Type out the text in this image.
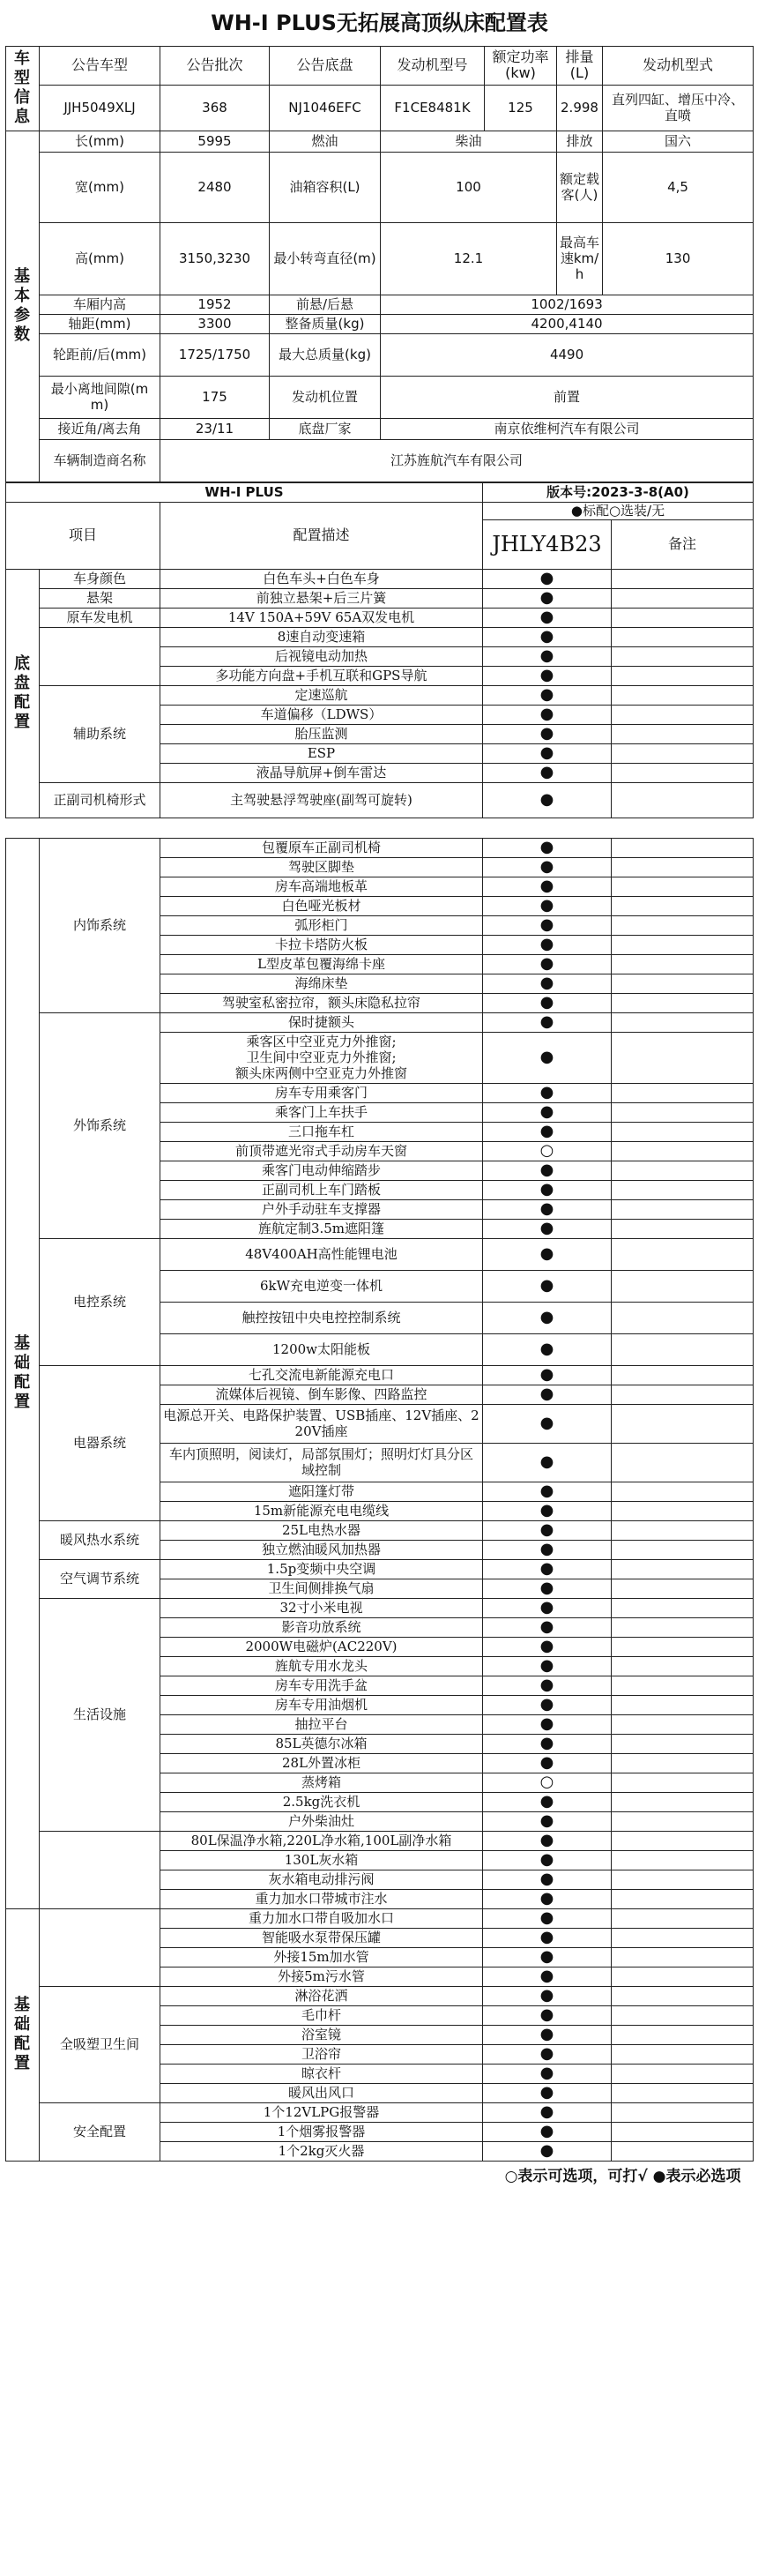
WH-I PLUS无拓展高顶纵床配置表							
车型信息	公告车型	公告批次	公告底盘	发动机型号	额定功率(kw)	排量(L)	发动机型式
	JJH5049XLJ	368	NJ1046EFC	F1CE8481K	125	2.998	直列四缸、增压中冷、直喷
基本参数	长(mm)	5995	燃油	柴油		排放	国六
	宽(mm)	2480	油箱容积(L)	100		额定载客(人)	4,5
	高(mm)	3150,3230	最小转弯直径(m)	12.1		最高车速km/h	130
	车厢内高	1952	前悬/后悬	1002/1693			
	轴距(mm)	3300	整备质量(kg)	4200,4140			
	轮距前/后(mm)	1725/1750	最大总质量(kg)	4490			
	最小离地间隙(mm)	175	发动机位置	前置			
	接近角/离去角	23/11	底盘厂家	南京依维柯汽车有限公司			
	车辆制造商名称	江苏旌航汽车有限公司					
WH-I PLUS			版本号:2023-3-8(A0)	
项目		配置描述	●标配○选装/无	
			JHLY4B23	备注
底盘配置	车身颜色	白色车头+白色车身	●	
	悬架	前独立悬架+后三片簧	●	
	原车发电机	14V 150A+59V 65A双发电机	●	
		8速自动变速箱	●	
		后视镜电动加热	●	
		多功能方向盘+手机互联和GPS导航	●	
	辅助系统	定速巡航	●	
		车道偏移（LDWS）	●	
		胎压监测	●	
		ESP	●	
		液晶导航屏+倒车雷达	●	
	正副司机椅形式	主驾驶悬浮驾驶座(副驾可旋转)	●	

基础配置	内饰系统	包覆原车正副司机椅	●	
		驾驶区脚垫	●	
		房车高端地板革	●	
		白色哑光板材	●	
		弧形柜门	●	
		卡拉卡塔防火板	●	
		L型皮革包覆海绵卡座	●	
		海绵床垫	●	
		驾驶室私密拉帘，额头床隐私拉帘	●	
	外饰系统	保时捷额头	●	
		乘客区中空亚克力外推窗;
卫生间中空亚克力外推窗;
额头床两侧中空亚克力外推窗	●	
		房车专用乘客门	●	
		乘客门上车扶手	●	
		三口拖车杠	●	
		前顶带遮光帘式手动房车天窗	○	
		乘客门电动伸缩踏步	●	
		正副司机上车门踏板	●	
		户外手动驻车支撑器	●	
		旌航定制3.5m遮阳篷	●	
	电控系统	48V400AH高性能锂电池	●	
		6kW充电逆变一体机	●	
		触控按钮中央电控控制系统	●	
		1200w太阳能板	●	
	电器系统	七孔交流电新能源充电口	●	
		流媒体后视镜、倒车影像、四路监控	●	
		电源总开关、电路保护装置、USB插座、12V插座、220V插座	●	
		车内顶照明，阅读灯，局部氛围灯；照明灯灯具分区域控制	●	
		遮阳篷灯带	●	
		15m新能源充电电缆线	●	
	暖风热水系统	25L电热水器	●	
		独立燃油暖风加热器	●	
	空气调节系统	1.5p变频中央空调	●	
		卫生间侧排换气扇	●	
	生活设施	32寸小米电视	●	
		影音功放系统	●	
		2000W电磁炉(AC220V)	●	
		旌航专用水龙头	●	
		房车专用洗手盆	●	
		房车专用油烟机	●	
		抽拉平台	●	
		85L英德尔冰箱	●	
		28L外置冰柜	●	
		蒸烤箱	○	
		2.5kg洗衣机	●	
		户外柴油灶	●	
		80L保温净水箱,220L净水箱,100L副净水箱	●	
		130L灰水箱	●	
		灰水箱电动排污阀	●	
		重力加水口带城市注水	●	
基础配置		重力加水口带自吸加水口	●	
		智能吸水泵带保压罐	●	
		外接15m加水管	●	
		外接5m污水管	●	
	全吸塑卫生间	淋浴花洒	●	
		毛巾杆	●	
		浴室镜	●	
		卫浴帘	●	
		晾衣杆	●	
		暖风出风口	●	
	安全配置	1个12VLPG报警器	●	
		1个烟雾报警器	●	
		1个2kg灭火器	●	
○表示可选项，可打√ ●表示必选项				
